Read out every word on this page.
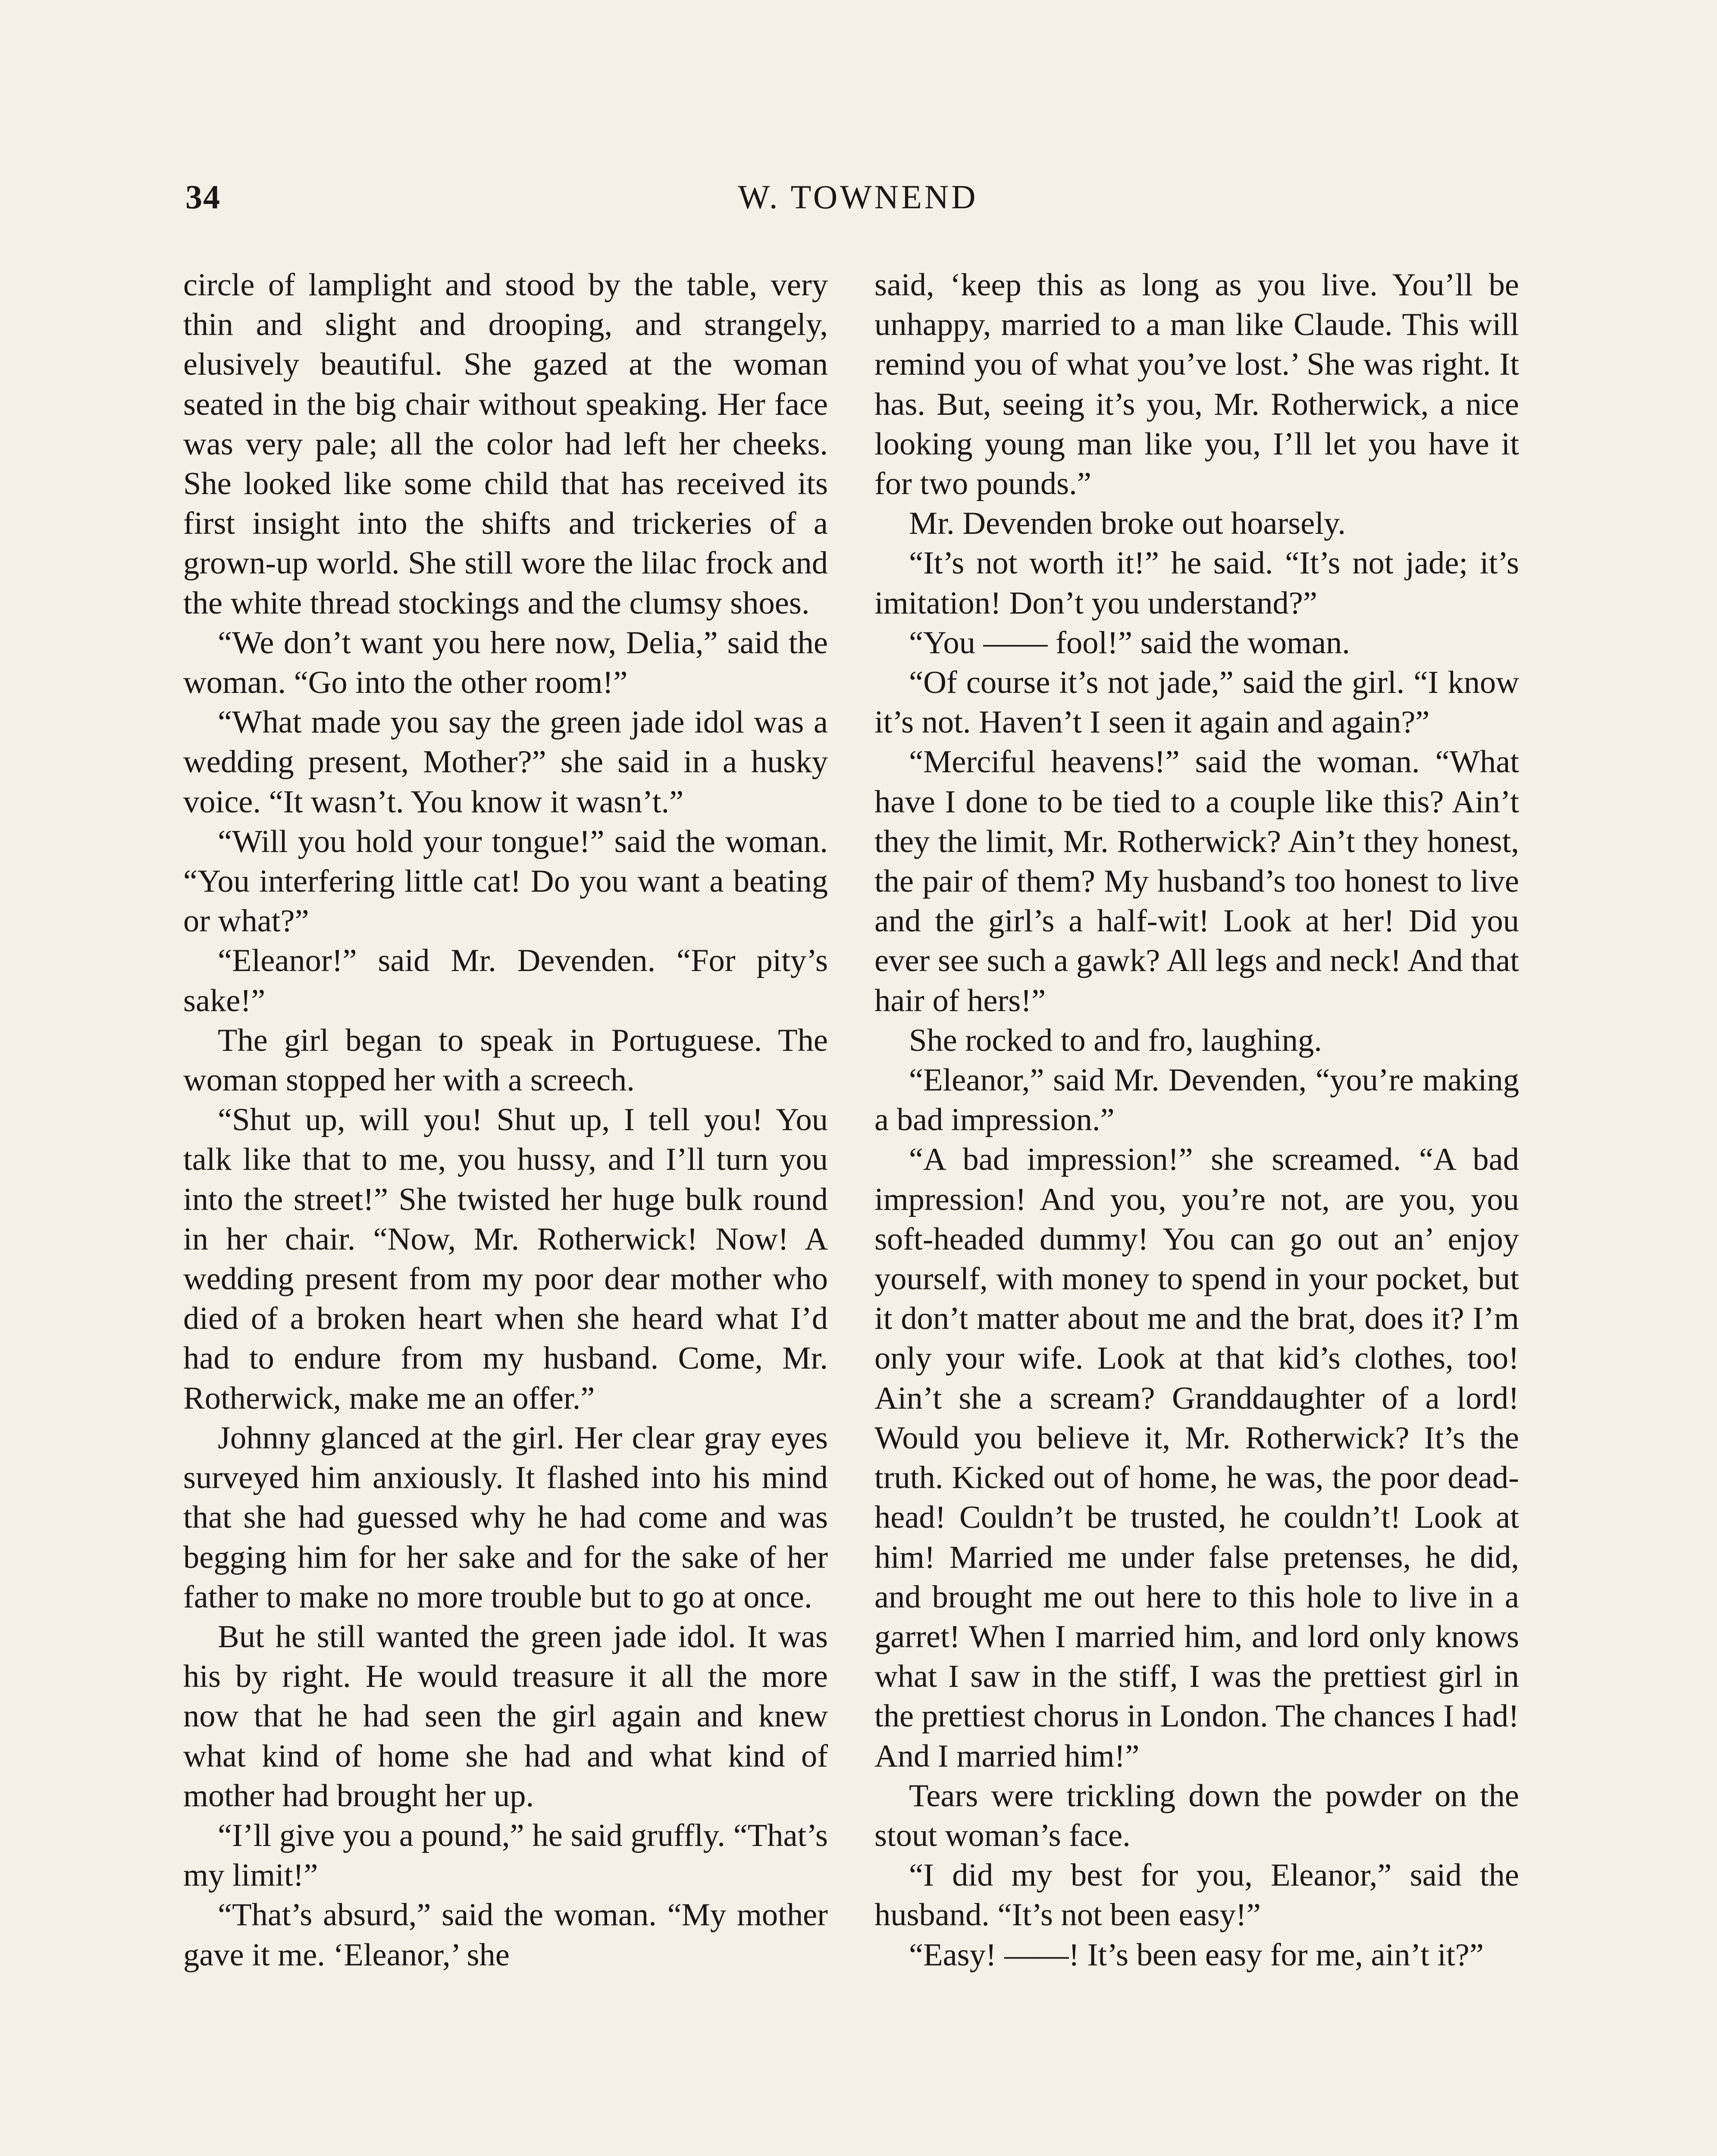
34	W. TOWNEND

circle of lamplight and stood by the table, very thin and slight and drooping, and strangely, elusively beautiful. She gazed at the woman seated in the big chair without speaking. Her face was very pale; all the color had left her cheeks. She looked like some child that has received its first insight into the shifts and trickeries of a grown-up world. She still wore the lilac frock and the white thread stockings and the clumsy shoes.

“We don’t want you here now, Delia,” said the woman. “Go into the other room!”

“What made you say the green jade idol was a wedding present, Mother?” she said in a husky voice. “It wasn’t. You know it wasn’t.”

“Will you hold your tongue!” said the woman. “You interfering little cat! Do you want a beating or what?”

“Eleanor!” said Mr. Devenden. “For pity’s sake!”

The girl began to speak in Portuguese. The woman stopped her with a screech.

“Shut up, will you! Shut up, I tell you! You talk like that to me, you hussy, and I’ll turn you into the street!” She twisted her huge bulk round in her chair. “Now, Mr. Rotherwick! Now! A wedding present from my poor dear mother who died of a broken heart when she heard what I’d had to endure from my husband. Come, Mr. Rotherwick, make me an offer.”

Johnny glanced at the girl. Her clear gray eyes surveyed him anxiously. It flashed into his mind that she had guessed why he had come and was begging him for her sake and for the sake of her father to make no more trouble but to go at once.

But he still wanted the green jade idol. It was his by right. He would treasure it all the more now that he had seen the girl again and knew what kind of home she had and what kind of mother had brought her up.

“I’ll give you a pound,” he said gruffly. “That’s my limit!”

“That’s absurd,” said the woman. “My mother gave it me. ‘Eleanor,’ she

said, ‘keep this as long as you live. You’ll be unhappy, married to a man like Claude. This will remind you of what you’ve lost.’ She was right. It has. But, seeing it’s you, Mr. Rotherwick, a nice looking young man like you, I’ll let you have it for two pounds.”

Mr. Devenden broke out hoarsely.

“It’s not worth it!” he said. “It’s not jade; it’s imitation! Don’t you understand?”

“You —— fool!” said the woman.

“Of course it’s not jade,” said the girl. “I know it’s not. Haven’t I seen it again and again?”

“Merciful heavens!” said the woman. “What have I done to be tied to a couple like this? Ain’t they the limit, Mr. Rotherwick? Ain’t they honest, the pair of them? My husband’s too honest to live and the girl’s a half-wit! Look at her! Did you ever see such a gawk? All legs and neck! And that hair of hers!”

She rocked to and fro, laughing.

“Eleanor,” said Mr. Devenden, “you’re making a bad impression.”

“A bad impression!” she screamed. “A bad impression! And you, you’re not, are you, you soft-headed dummy! You can go out an’ enjoy yourself, with money to spend in your pocket, but it don’t matter about me and the brat, does it? I’m only your wife. Look at that kid’s clothes, too! Ain’t she a scream? Granddaughter of a lord! Would you believe it, Mr. Rotherwick? It’s the truth. Kicked out of home, he was, the poor dead-head! Couldn’t be trusted, he couldn’t! Look at him! Married me under false pretenses, he did, and brought me out here to this hole to live in a garret! When I married him, and lord only knows what I saw in the stiff, I was the prettiest girl in the prettiest chorus in London. The chances I had! And I married him!”

Tears were trickling down the powder on the stout woman’s face.

“I did my best for you, Eleanor,” said the husband. “It’s not been easy!”

“Easy! ——! It’s been easy for me, ain’t it?”
